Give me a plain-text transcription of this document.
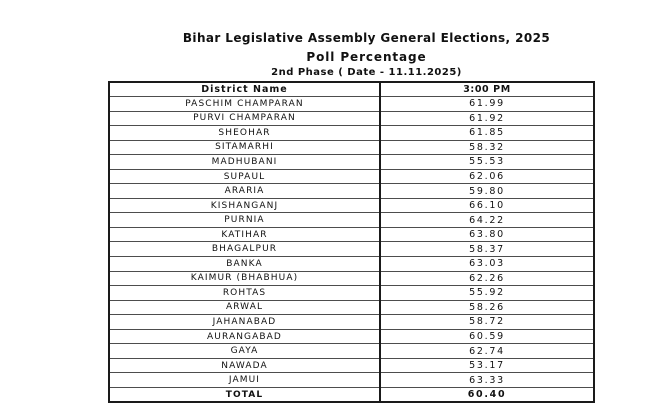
Bihar Legislative Assembly General Elections, 2025
Poll Percentage
2nd Phase ( Date - 11.11.2025)
District Name	3:00 PM
PASCHIM CHAMPARAN	61.99
PURVI CHAMPARAN	61.92
SHEOHAR	61.85
SITAMARHI	58.32
MADHUBANI	55.53
SUPAUL	62.06
ARARIA	59.80
KISHANGANJ	66.10
PURNIA	64.22
KATIHAR	63.80
BHAGALPUR	58.37
BANKA	63.03
KAIMUR (BHABHUA)	62.26
ROHTAS	55.92
ARWAL	58.26
JAHANABAD	58.72
AURANGABAD	60.59
GAYA	62.74
NAWADA	53.17
JAMUI	63.33
TOTAL	60.40
